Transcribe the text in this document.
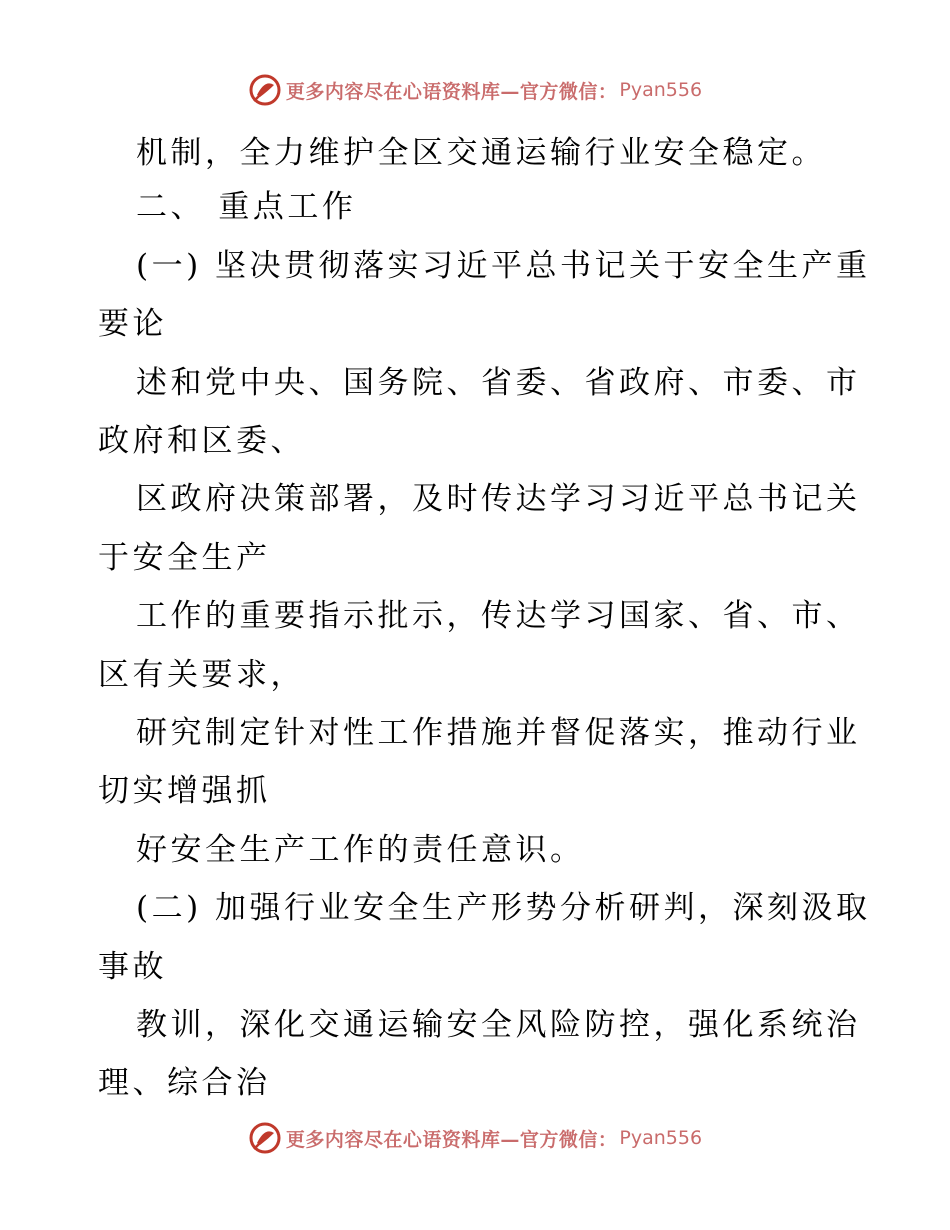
更多内容尽在心语资料库—官方微信： Pyan556
机制，全力维护全区交通运输行业安全稳定。
二、 重点工作
(一) 坚决贯彻落实习近平总书记关于安全生产重
要论
述和党中央、国务院、省委、省政府、市委、市
政府和区委、
区政府决策部署，及时传达学习习近平总书记关
于安全生产
工作的重要指示批示，传达学习国家、省、市、
区有关要求，
研究制定针对性工作措施并督促落实，推动行业
切实增强抓
好安全生产工作的责任意识。
(二) 加强行业安全生产形势分析研判，深刻汲取
事故
教训，深化交通运输安全风险防控，强化系统治
理、综合治
更多内容尽在心语资料库—官方微信： Pyan556
